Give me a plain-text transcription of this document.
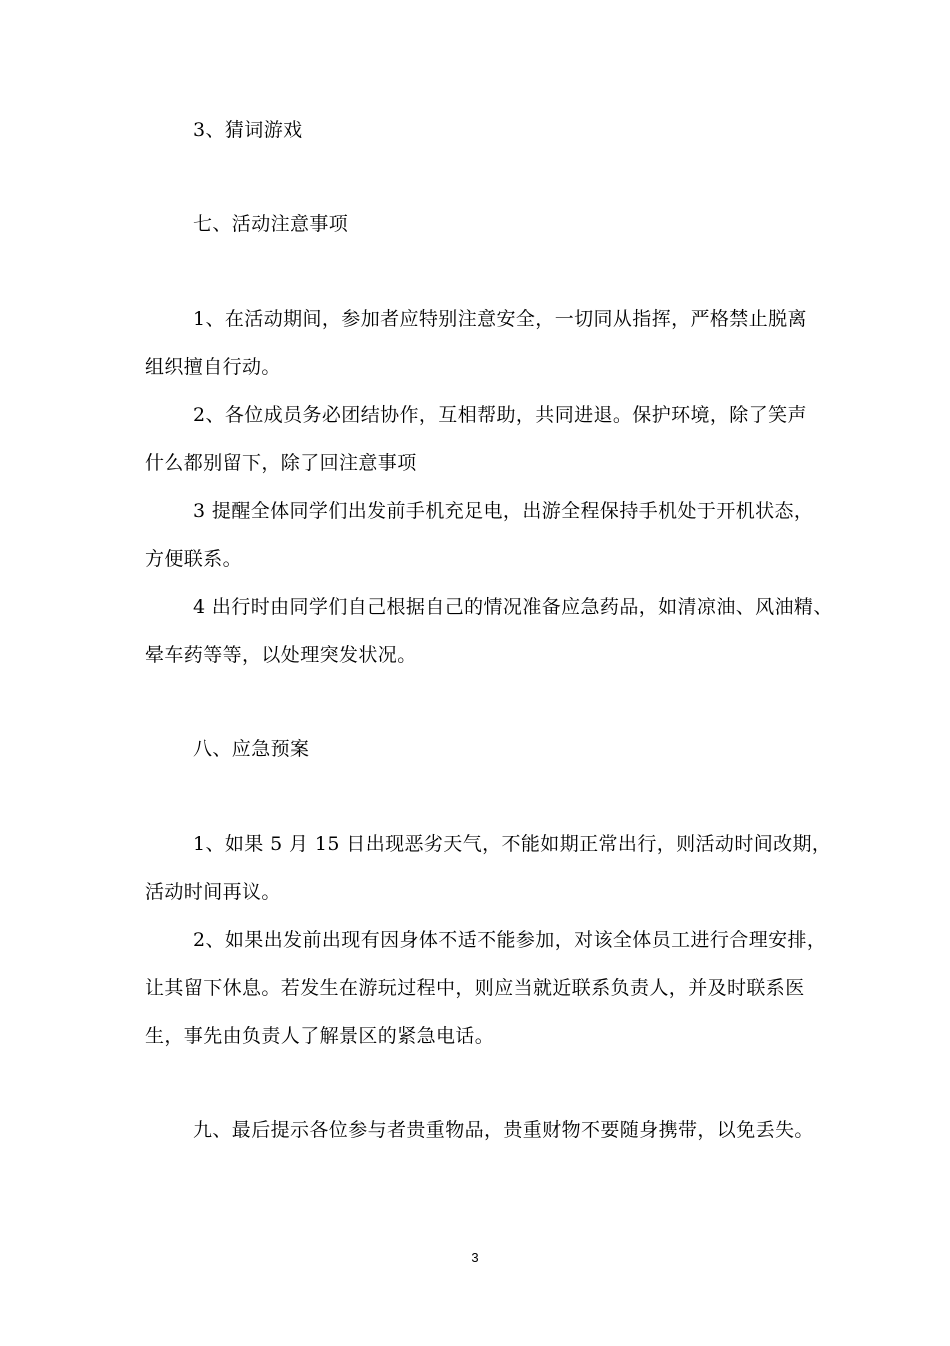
3、猜词游戏
七、活动注意事项
1、在活动期间，参加者应特别注意安全，一切同从指挥，严格禁止脱离
组织擅自行动。
2、各位成员务必团结协作，互相帮助，共同进退。保护环境，除了笑声
什么都别留下，除了回注意事项
3 提醒全体同学们出发前手机充足电，出游全程保持手机处于开机状态，
方便联系。
4 出行时由同学们自己根据自己的情况准备应急药品，如清凉油、风油精、
晕车药等等，以处理突发状况。
八、应急预案
1、如果 5 月 15 日出现恶劣天气，不能如期正常出行，则活动时间改期，
活动时间再议。
2、如果出发前出现有因身体不适不能参加，对该全体员工进行合理安排，
让其留下休息。若发生在游玩过程中，则应当就近联系负责人，并及时联系医
生，事先由负责人了解景区的紧急电话。
九、最后提示各位参与者贵重物品，贵重财物不要随身携带，以免丢失。
3
